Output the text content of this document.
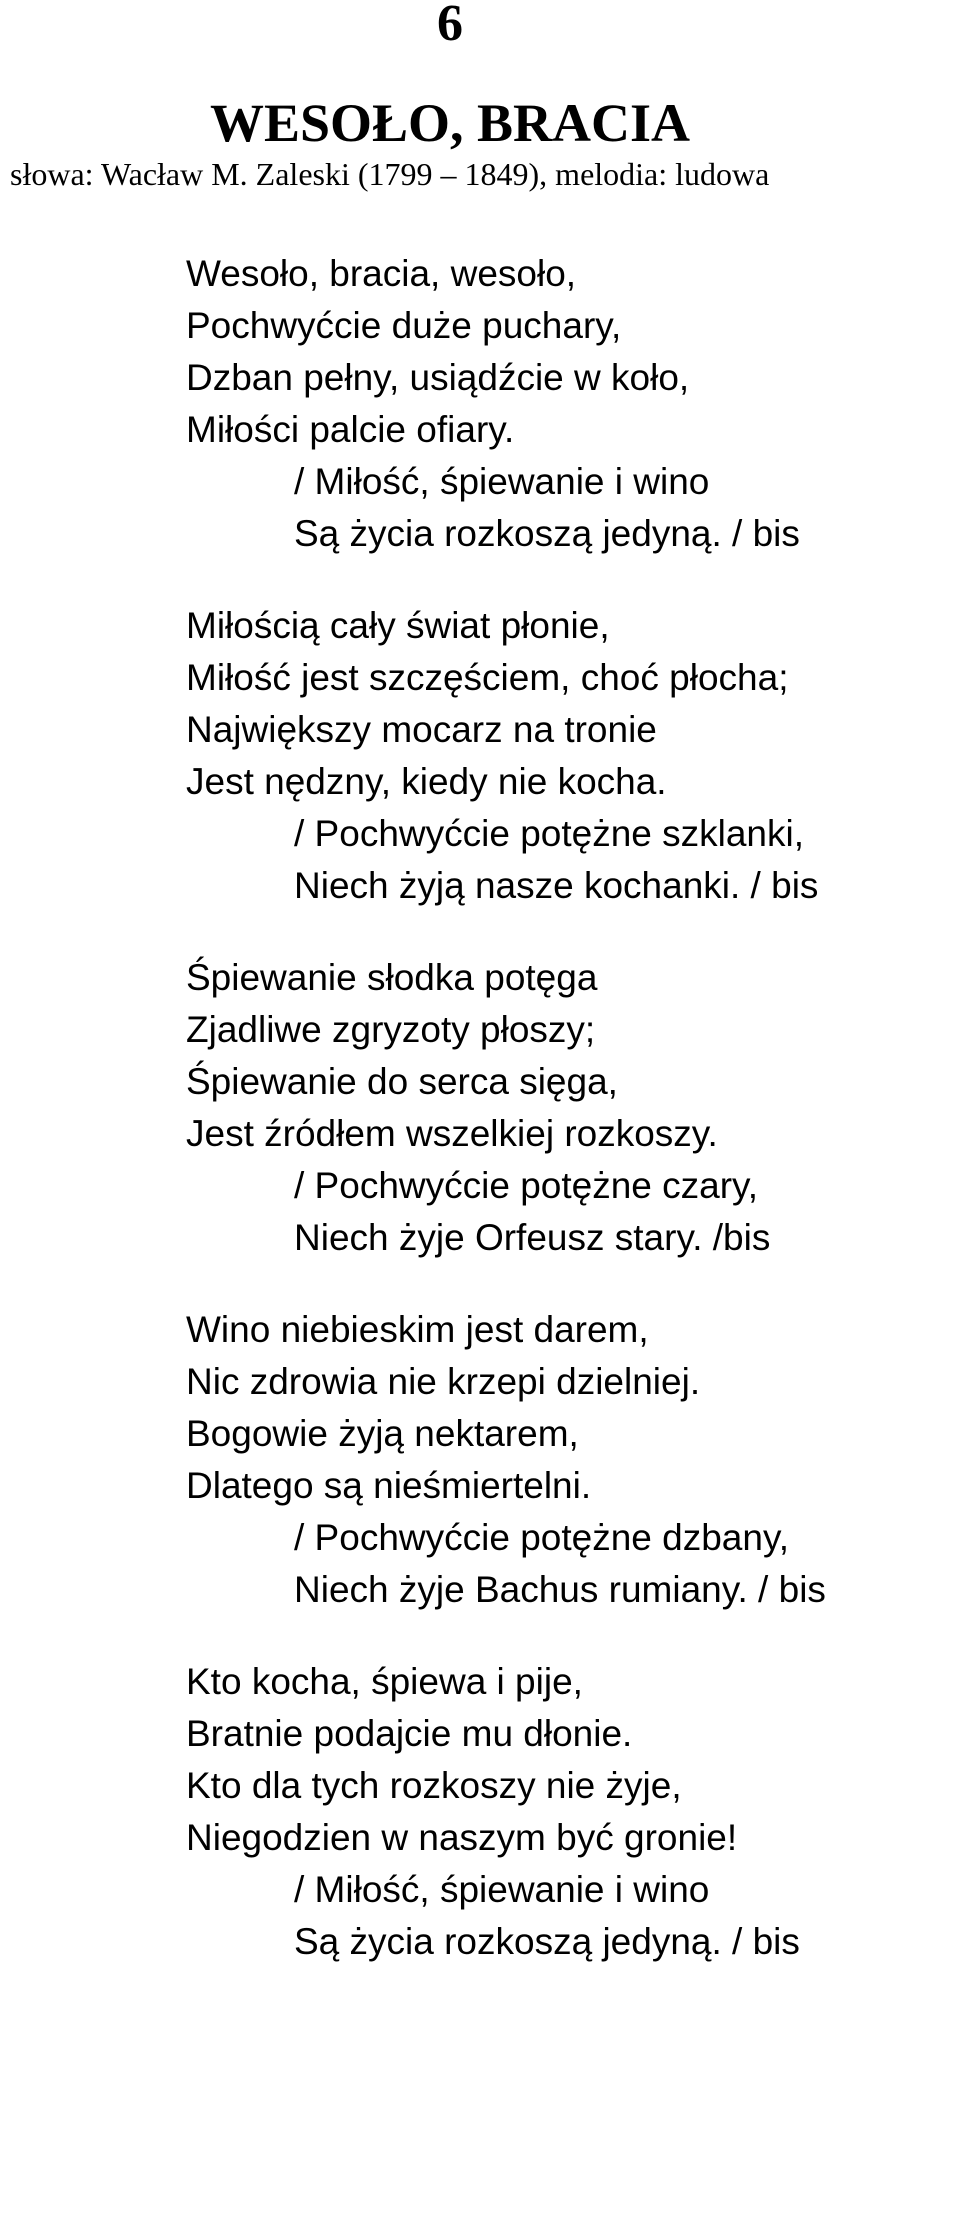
6
WESOŁO, BRACIA
słowa: Wacław M. Zaleski (1799 – 1849), melodia: ludowa
Wesoło, bracia, wesoło,
Pochwyćcie duże puchary,
Dzban pełny, usiądźcie w koło,
Miłości palcie ofiary.
/ Miłość, śpiewanie i wino
Są życia rozkoszą jedyną. / bis
Miłością cały świat płonie,
Miłość jest szczęściem, choć płocha;
Największy mocarz na tronie
Jest nędzny, kiedy nie kocha.
/ Pochwyćcie potężne szklanki,
Niech żyją nasze kochanki. / bis
Śpiewanie słodka potęga
Zjadliwe zgryzoty płoszy;
Śpiewanie do serca sięga,
Jest źródłem wszelkiej rozkoszy.
/ Pochwyćcie potężne czary,
Niech żyje Orfeusz stary. /bis
Wino niebieskim jest darem,
Nic zdrowia nie krzepi dzielniej.
Bogowie żyją nektarem,
Dlatego są nieśmiertelni.
/ Pochwyćcie potężne dzbany,
Niech żyje Bachus rumiany. / bis
Kto kocha, śpiewa i pije,
Bratnie podajcie mu dłonie.
Kto dla tych rozkoszy nie żyje,
Niegodzien w naszym być gronie!
/ Miłość, śpiewanie i wino
Są życia rozkoszą jedyną. / bis
